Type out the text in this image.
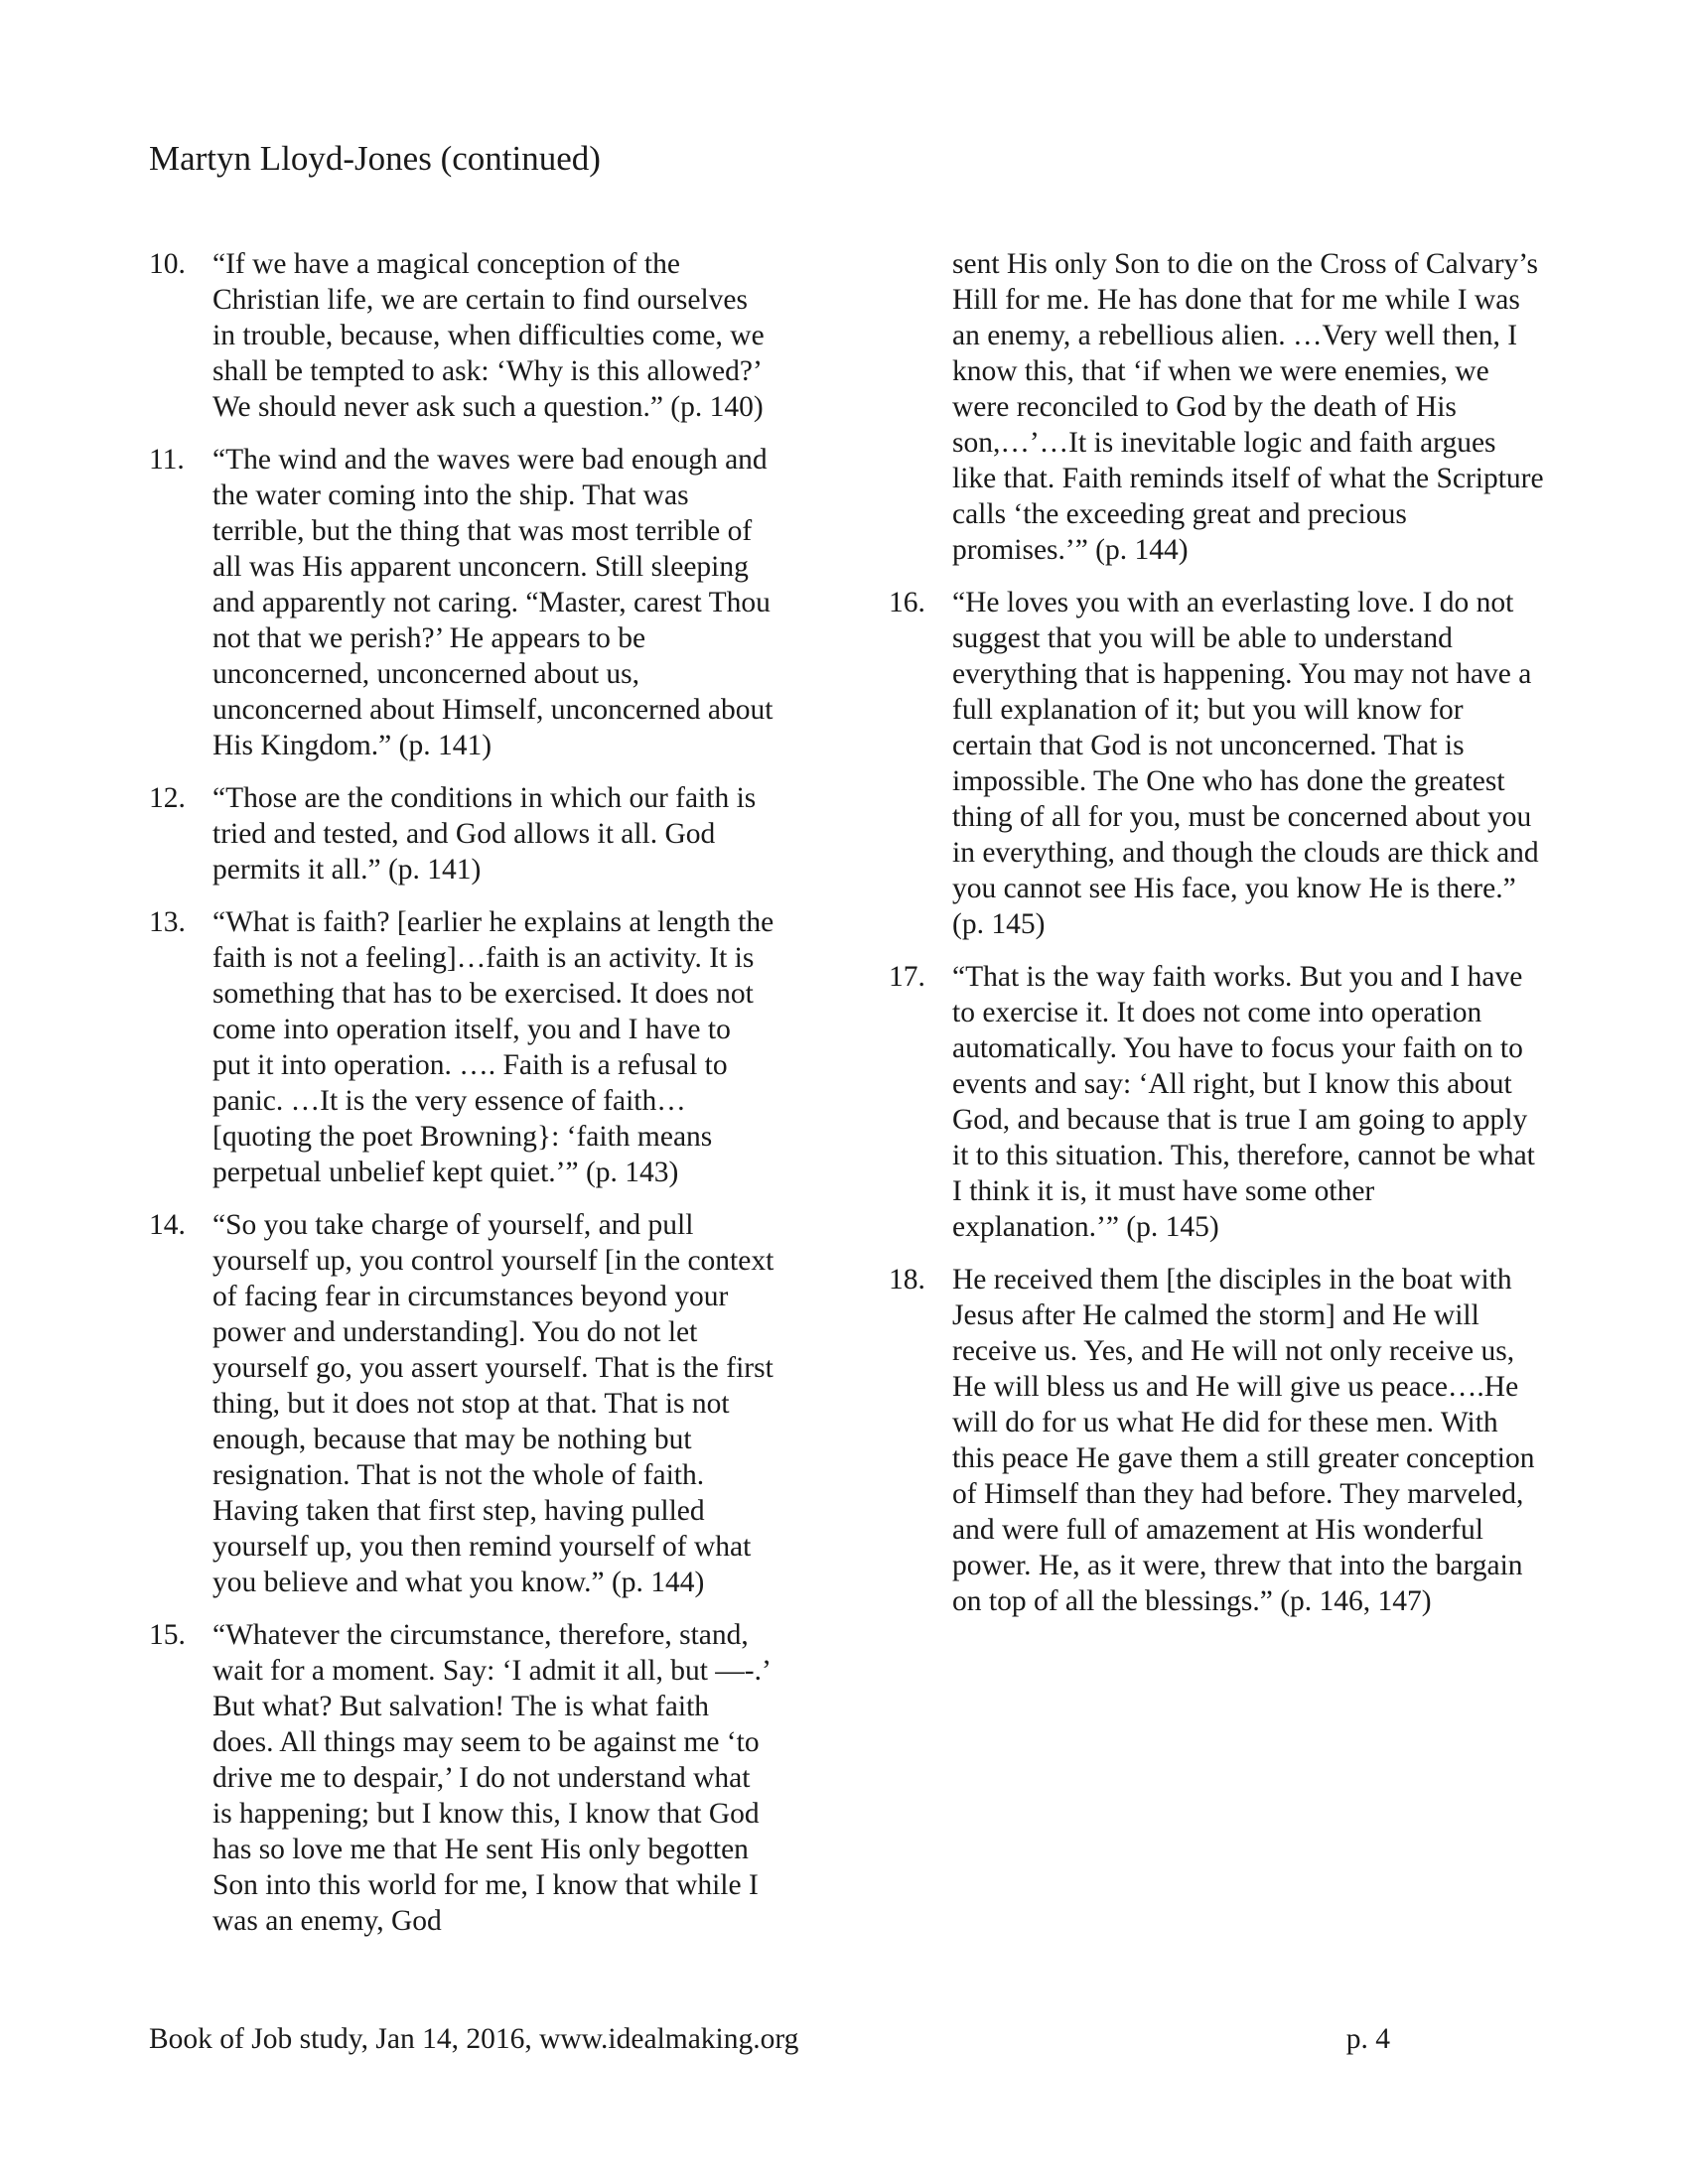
Martyn Lloyd-Jones (continued)
10. “If we have a magical conception of the Christian life, we are certain to find ourselves in trouble, because, when difficulties come, we shall be tempted to ask: ‘Why is this allowed?’ We should never ask such a question.” (p. 140)
11. “The wind and the waves were bad enough and the water coming into the ship. That was terrible, but the thing that was most terrible of all was His apparent unconcern. Still sleeping and apparently not caring. “Master, carest Thou not that we perish?’ He appears to be unconcerned, unconcerned about us, unconcerned about Himself, unconcerned about His Kingdom.” (p. 141)
12. “Those are the conditions in which our faith is tried and tested, and God allows it all. God permits it all.” (p. 141)
13. “What is faith? [earlier he explains at length the faith is not a feeling]…faith is an activity. It is something that has to be exercised. It does not come into operation itself, you and I have to put it into operation. …. Faith is a refusal to panic. …It is the very essence of faith…[quoting the poet Browning}: ‘faith means perpetual unbelief kept quiet.’” (p. 143)
14. “So you take charge of yourself, and pull yourself up, you control yourself [in the context of facing fear in circumstances beyond your power and understanding]. You do not let yourself go, you assert yourself. That is the first thing, but it does not stop at that. That is not enough, because that may be nothing but resignation. That is not the whole of faith. Having taken that first step, having pulled yourself up, you then remind yourself of what you believe and what you know.” (p. 144)
15. “Whatever the circumstance, therefore, stand, wait for a moment. Say: ‘I admit it all, but —-.’ But what? But salvation! The is what faith does. All things may seem to be against me ‘to drive me to despair,’ I do not understand what is happening; but I know this, I know that God has so love me that He sent His only begotten Son into this world for me, I know that while I was an enemy, God
sent His only Son to die on the Cross of Calvary’s Hill for me. He has done that for me while I was an enemy, a rebellious alien. …Very well then, I know this, that ‘if when we were enemies, we were reconciled to God by the death of His son,…’…It is inevitable logic and faith argues like that. Faith reminds itself of what the Scripture calls ‘the exceeding great and precious promises.’” (p. 144)
16. “He loves you with an everlasting love. I do not suggest that you will be able to understand everything that is happening. You may not have a full explanation of it; but you will know for certain that God is not unconcerned. That is impossible. The One who has done the greatest thing of all for you, must be concerned about you in everything, and though the clouds are thick and you cannot see His face, you know He is there.” (p. 145)
17. “That is the way faith works. But you and I have to exercise it. It does not come into operation automatically. You have to focus your faith on to events and say: ‘All right, but I know this about God, and because that is true I am going to apply it to this situation. This, therefore, cannot be what I think it is, it must have some other explanation.’” (p. 145)
18. He received them [the disciples in the boat with Jesus after He calmed the storm] and He will receive us. Yes, and He will not only receive us, He will bless us and He will give us peace….He will do for us what He did for these men. With this peace He gave them a still greater conception of Himself than they had before. They marveled, and were full of amazement at His wonderful power. He, as it were, threw that into the bargain on top of all the blessings.” (p. 146, 147)
Book of Job study, Jan 14, 2016, www.idealmaking.org	p. 4
